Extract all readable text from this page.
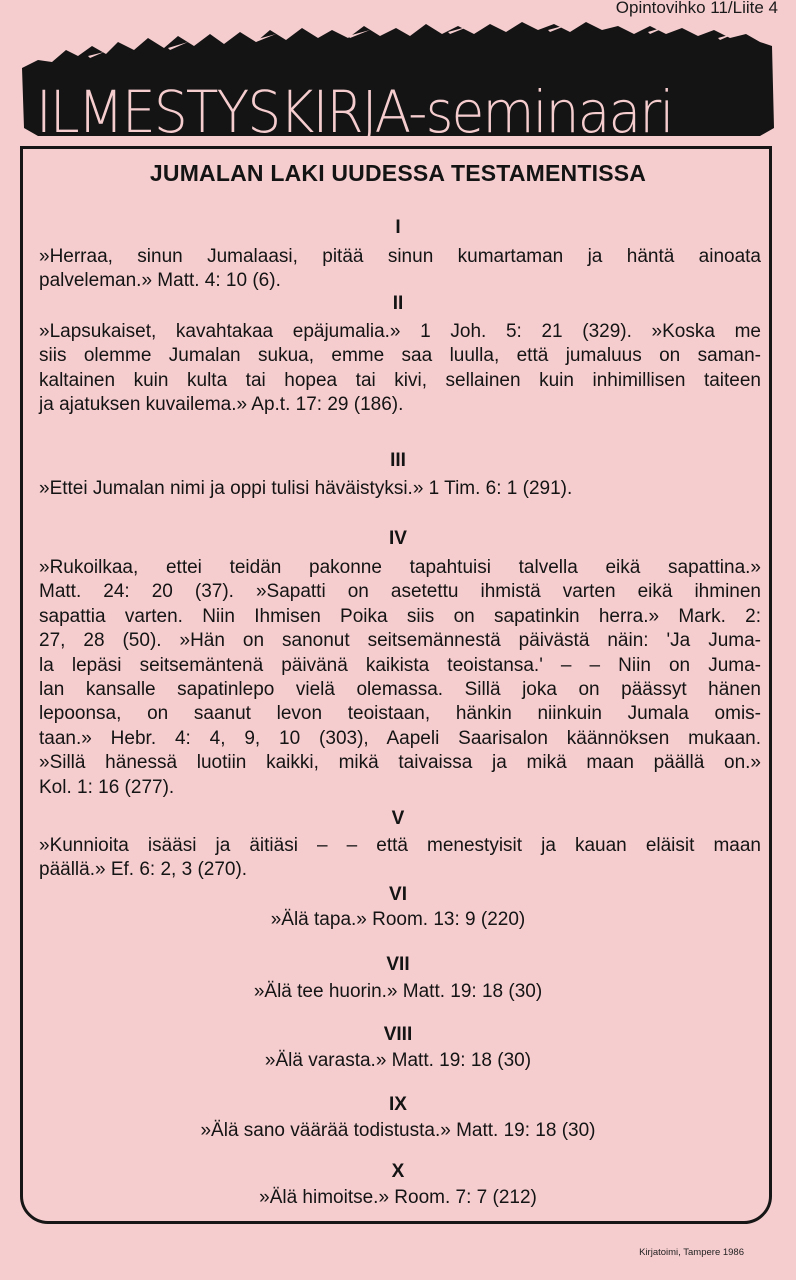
Opintovihko 11/Liite 4
ILMESTYSKIRJA-seminaari
JUMALAN LAKI UUDESSA TESTAMENTISSA
I
»Herraa, sinun Jumalaasi, pitää sinun kumartaman ja häntä ainoata
palveleman.» Matt. 4: 10 (6).
II
»Lapsukaiset, kavahtakaa epäjumalia.» 1 Joh. 5: 21 (329). »Koska me
siis olemme Jumalan sukua, emme saa luulla, että jumaluus on saman-
kaltainen kuin kulta tai hopea tai kivi, sellainen kuin inhimillisen taiteen
ja ajatuksen kuvailema.» Ap.t. 17: 29 (186).
III
»Ettei Jumalan nimi ja oppi tulisi häväistyksi.» 1 Tim. 6: 1 (291).
IV
»Rukoilkaa, ettei teidän pakonne tapahtuisi talvella eikä sapattina.»
Matt. 24: 20 (37). »Sapatti on asetettu ihmistä varten eikä ihminen
sapattia varten. Niin Ihmisen Poika siis on sapatinkin herra.» Mark. 2:
27, 28 (50). »Hän on sanonut seitsemännestä päivästä näin: 'Ja Juma-
la lepäsi seitsemäntenä päivänä kaikista teoistansa.' – – Niin on Juma-
lan kansalle sapatinlepo vielä olemassa. Sillä joka on päässyt hänen
lepoonsa, on saanut levon teoistaan, hänkin niinkuin Jumala omis-
taan.» Hebr. 4: 4, 9, 10 (303), Aapeli Saarisalon käännöksen mukaan.
»Sillä hänessä luotiin kaikki, mikä taivaissa ja mikä maan päällä on.»
Kol. 1: 16 (277).
V
»Kunnioita isääsi ja äitiäsi – – että menestyisit ja kauan eläisit maan
päällä.» Ef. 6: 2, 3 (270).
VI
»Älä tapa.» Room. 13: 9 (220)
VII
»Älä tee huorin.» Matt. 19: 18 (30)
VIII
»Älä varasta.» Matt. 19: 18 (30)
IX
»Älä sano väärää todistusta.» Matt. 19: 18 (30)
X
»Älä himoitse.» Room. 7: 7 (212)
Kirjatoimi, Tampere 1986
